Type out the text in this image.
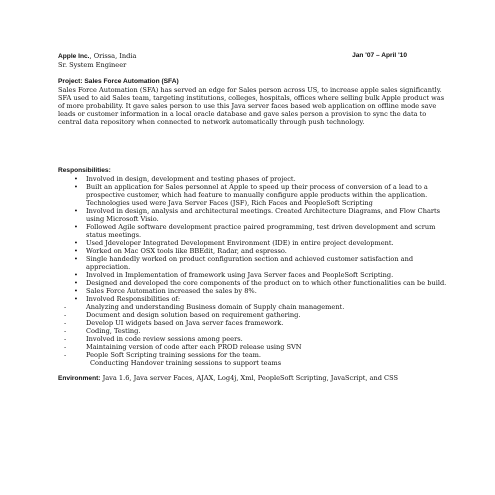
Apple Inc., Orissa, India	Jan '07 – April '10
Sr. System Engineer
Project: Sales Force Automation (SFA)

Sales Force Automation (SFA) has served an edge for Sales person across US, to increase apple sales significantly. SFA used to aid Sales team, targeting institutions, colleges, hospitals, offices where selling bulk Apple product was of more probability. It gave sales person to use this Java server faces based web application on offline mode save leads or customer information in a local oracle database and gave sales person a provision to sync the data to central data repository when connected to network automatically through push technology.

Responsibilities:
• Involved in design, development and testing phases of project.
• Built an application for Sales personnel at Apple to speed up their process of conversion of a lead to a prospective customer, which had feature to manually configure apple products within the application. Technologies used were Java Server Faces (JSF), Rich Faces and PeopleSoft Scripting
• Involved in design, analysis and architectural meetings. Created Architecture Diagrams, and Flow Charts using Microsoft Visio.
• Followed Agile software development practice paired programming, test driven development and scrum status meetings.
• Used Jdeveloper Integrated Development Environment (IDE) in entire project development.
• Worked on Mac OSX tools like BBEdit, Radar, and espresso.
• Single handedly worked on product configuration section and achieved customer satisfaction and appreciation.
• Involved in Implementation of framework using Java Server faces and PeopleSoft Scripting.
• Designed and developed the core components of the product on to which other functionalities can be build.
• Sales Force Automation increased the sales by 8%.
• Involved Responsibilities of:
- Analyzing and understanding Business domain of Supply chain management.
- Document and design solution based on requirement gathering.
- Develop UI widgets based on Java server faces framework.
- Coding, Testing.
- Involved in code review sessions among peers.
- Maintaining version of code after each PROD release using SVN
- People Soft Scripting training sessions for the team.
Conducting Handover training sessions to support teams
Environment: Java 1.6, Java server Faces, AJAX, Log4j, Xml, PeopleSoft Scripting, JavaScript, and CSS
